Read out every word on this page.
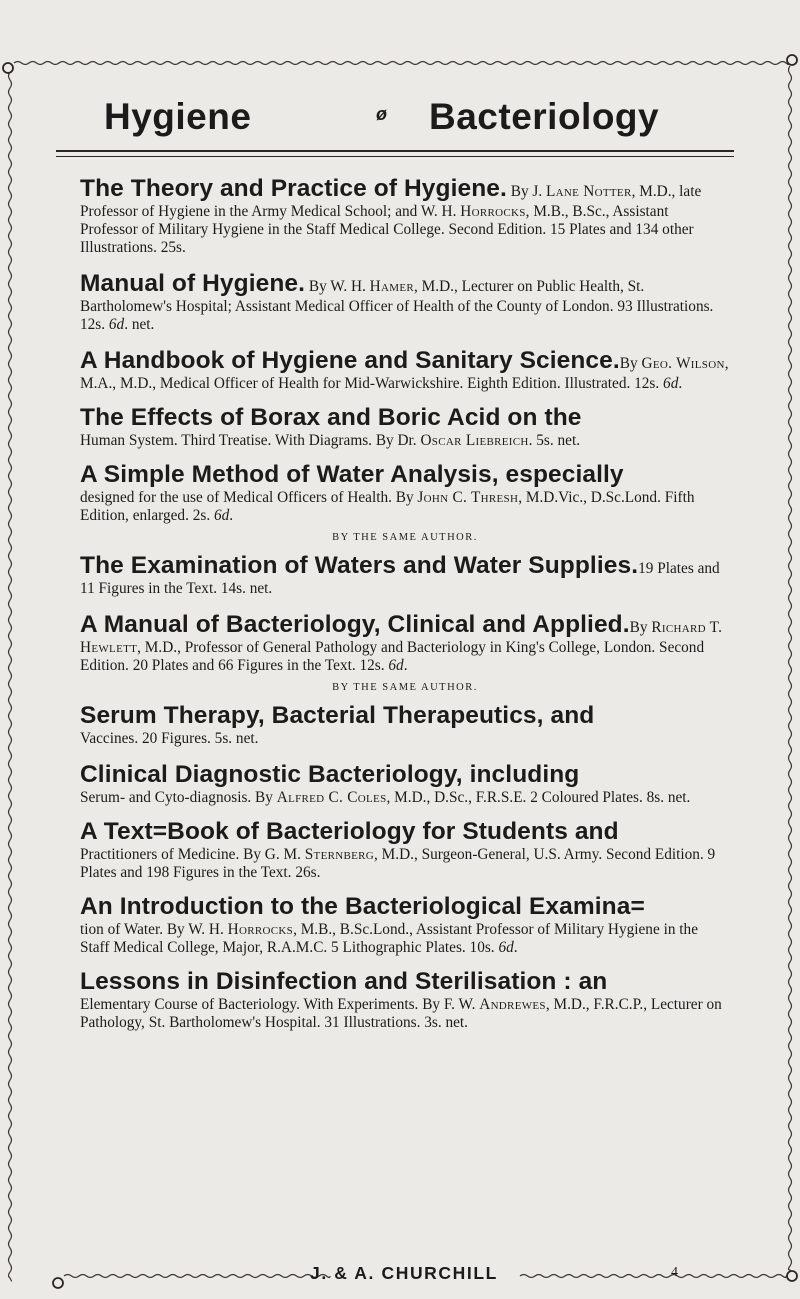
Hygiene	ø Bacteriology
The Theory and Practice of Hygiene. By J. Lane Notter, M.D., late Professor of Hygiene in the Army Medical School; and W. H. Horrocks, M.B., B.Sc., Assistant Professor of Military Hygiene in the Staff Medical College. Second Edition. 15 Plates and 134 other Illustrations. 25s.
Manual of Hygiene. By W. H. Hamer, M.D., Lecturer on Public Health, St. Bartholomew's Hospital; Assistant Medical Officer of Health of the County of London. 93 Illustrations. 12s. 6d. net.
A Handbook of Hygiene and Sanitary Science.By Geo. Wilson, M.A., M.D., Medical Officer of Health for Mid-Warwickshire. Eighth Edition. Illustrated. 12s. 6d.
The Effects of Borax and Boric Acid on the
Human System. Third Treatise. With Diagrams. By Dr. Oscar Liebreich. 5s. net.
A Simple Method of Water Analysis, especially
designed for the use of Medical Officers of Health. By John C. Thresh, M.D.Vic., D.Sc.Lond. Fifth Edition, enlarged. 2s. 6d.
BY THE SAME AUTHOR.
The Examination of Waters and Water Supplies.19 Plates and 11 Figures in the Text. 14s. net.
A Manual of Bacteriology, Clinical and Applied.By Richard T. Hewlett, M.D., Professor of General Pathology and Bacteriology in King's College, London. Second Edition. 20 Plates and 66 Figures in the Text. 12s. 6d.
BY THE SAME AUTHOR.
Serum Therapy, Bacterial Therapeutics, and
Vaccines. 20 Figures. 5s. net.
Clinical Diagnostic Bacteriology, including
Serum- and Cyto-diagnosis. By Alfred C. Coles, M.D., D.Sc., F.R.S.E. 2 Coloured Plates. 8s. net.
A Text=Book of Bacteriology for Students and
Practitioners of Medicine. By G. M. Sternberg, M.D., Surgeon-General, U.S. Army. Second Edition. 9 Plates and 198 Figures in the Text. 26s.
An Introduction to the Bacteriological Examina=
tion of Water. By W. H. Horrocks, M.B., B.Sc.Lond., Assistant Professor of Military Hygiene in the Staff Medical College, Major, R.A.M.C. 5 Lithographic Plates. 10s. 6d.
Lessons in Disinfection and Sterilisation : an
Elementary Course of Bacteriology. With Experiments. By F. W. Andrewes, M.D., F.R.C.P., Lecturer on Pathology, St. Bartholomew's Hospital. 31 Illustrations. 3s. net.
J. & A. CHURCHILL	4
